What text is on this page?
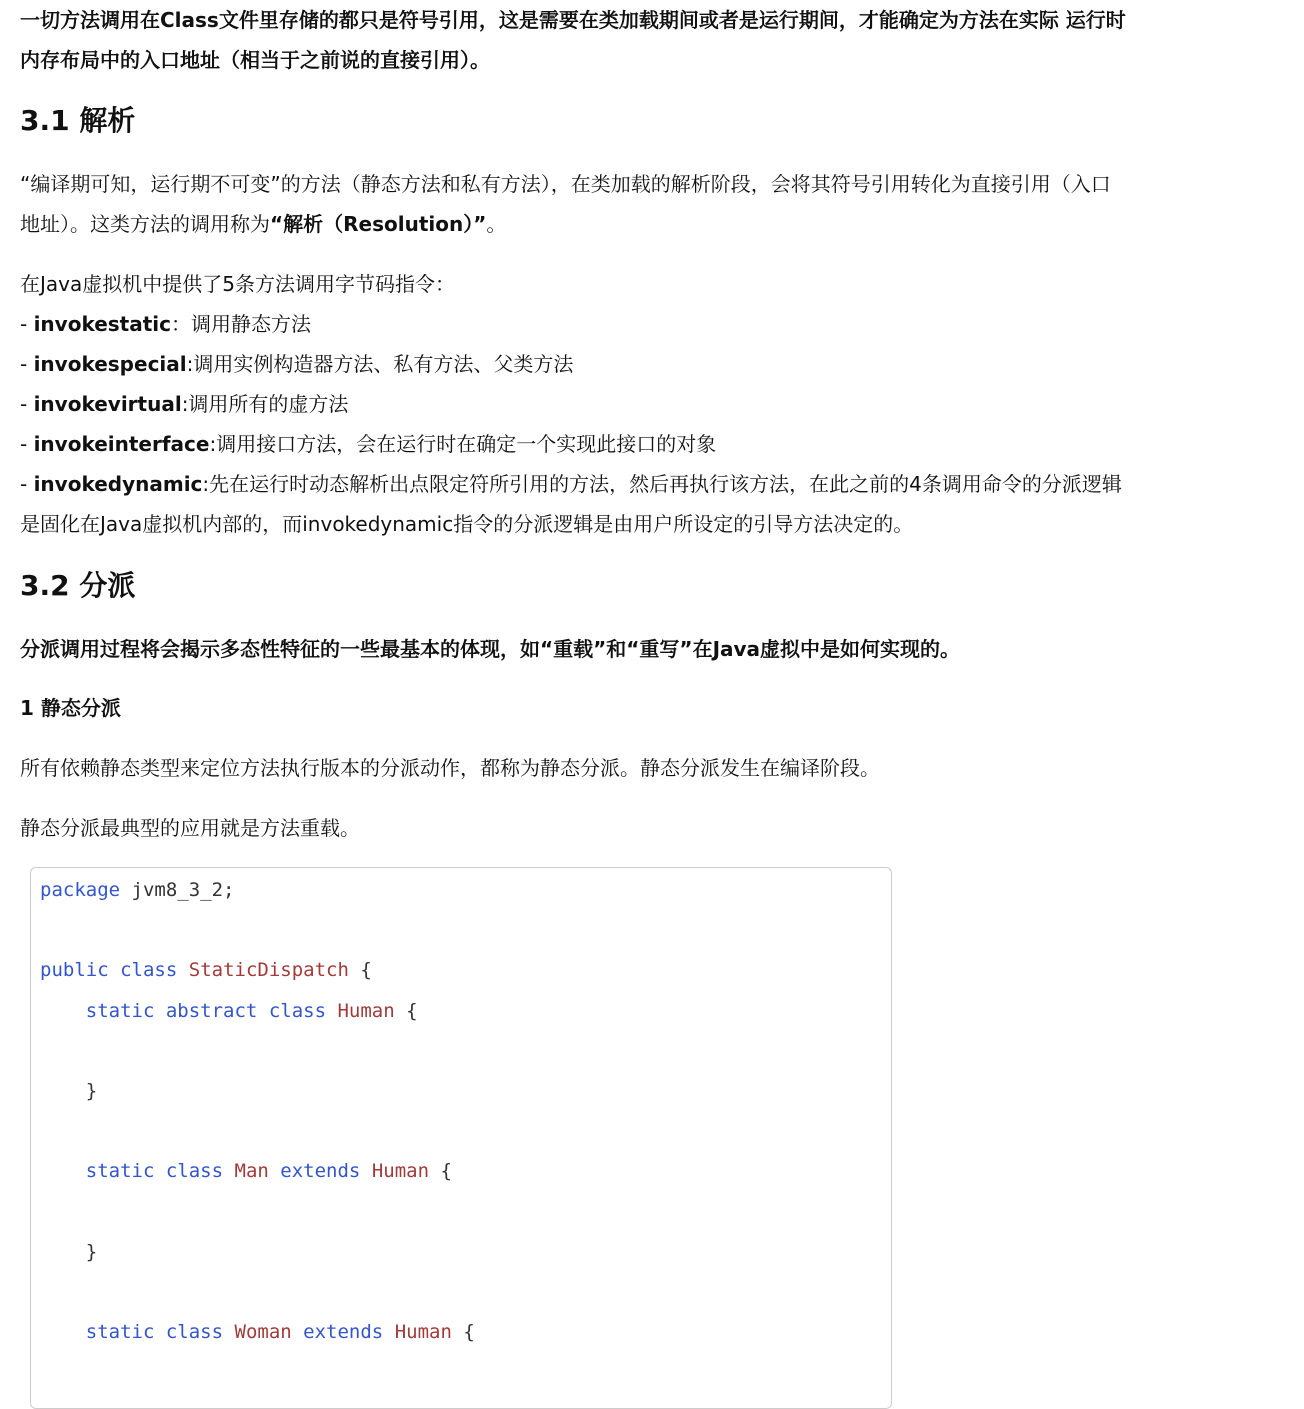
一切方法调用在Class文件里存储的都只是符号引用，这是需要在类加载期间或者是运行期间，才能确定为方法在实际 运行时
内存布局中的入口地址（相当于之前说的直接引用）。
3.1 解析
“编译期可知，运行期不可变”的方法（静态方法和私有方法），在类加载的解析阶段，会将其符号引用转化为直接引用（入口
地址）。这类方法的调用称为“解析（Resolution）”。
在Java虚拟机中提供了5条方法调用字节码指令：
- invokestatic：调用静态方法
- invokespecial:调用实例构造器方法、私有方法、父类方法
- invokevirtual:调用所有的虚方法
- invokeinterface:调用接口方法，会在运行时在确定一个实现此接口的对象
- invokedynamic:先在运行时动态解析出点限定符所引用的方法，然后再执行该方法，在此之前的4条调用命令的分派逻辑
是固化在Java虚拟机内部的，而invokedynamic指令的分派逻辑是由用户所设定的引导方法决定的。
3.2 分派
分派调用过程将会揭示多态性特征的一些最基本的体现，如“重载”和“重写”在Java虚拟中是如何实现的。
1 静态分派
所有依赖静态类型来定位方法执行版本的分派动作，都称为静态分派。静态分派发生在编译阶段。
静态分派最典型的应用就是方法重载。
package jvm8_3_2;

public class StaticDispatch {
static abstract class Human {

}

static class Man extends Human {

}

static class Woman extends Human {
